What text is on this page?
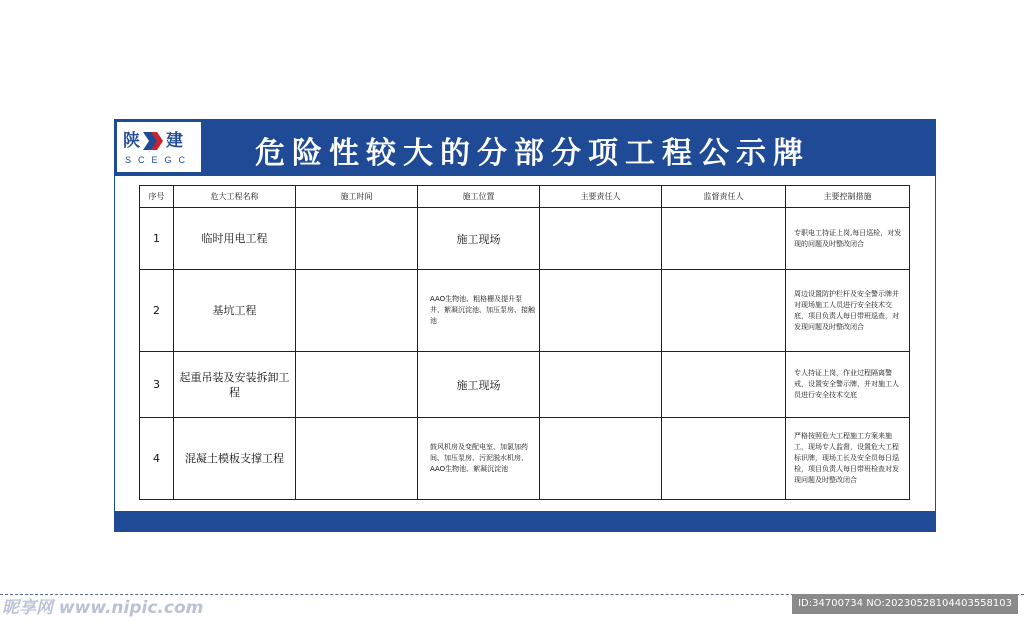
陕 建
SCEGC 危险性较大的分部分项工程公示牌
序号	危大工程名称	施工时间	施工位置	主要责任人	监督责任人	主要控制措施
1	临时用电工程		施工现场			专职电工持证上岗,每日巡检，对发现的问题及时整改闭合
2	基坑工程		AAO生物池、粗格栅及提升泵井、絮凝沉淀池、加压泵房、接触池			周边设置防护栏杆及安全警示牌并对现场施工人员进行安全技术交底，项目负责人每日带班巡查，对发现问题及时整改闭合
3	起重吊装及安装拆卸工程		施工现场			专人持证上岗，作业过程隔离警戒，设置安全警示牌，并对施工人员进行安全技术交底
4	混凝土模板支撑工程		鼓风机房及变配电室、加氯加药间、加压泵房、污泥脱水机房、AAO生物池、絮凝沉淀池			严格按照危大工程施工方案来施工，现场专人监督，设置危大工程标识牌，现场工长及安全员每日巡检，项目负责人每日带班检查对发现问题及时整改闭合
昵享网 www.nipic.com	ID:34700734 NO:20230528104403558103
